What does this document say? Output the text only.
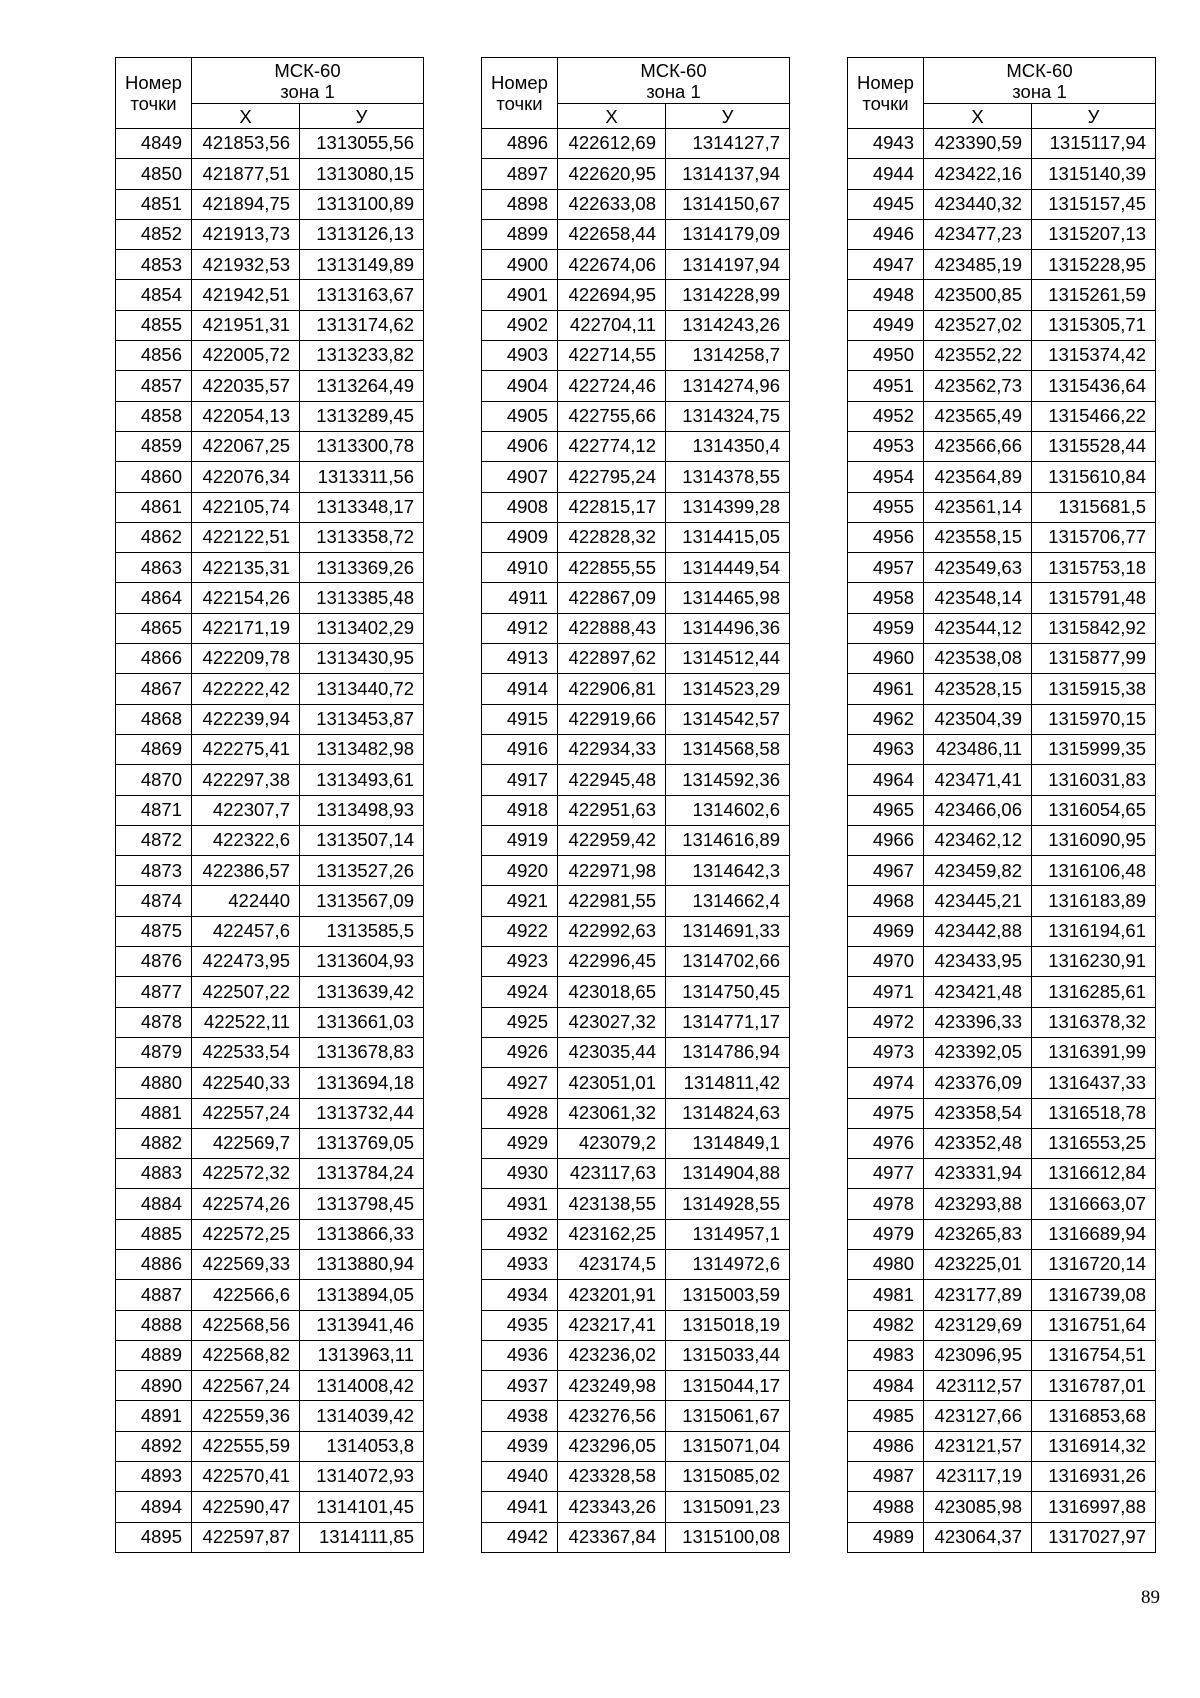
Номер
точки	МСК-60
зона 1	
	Х	У
4849	421853,56	1313055,56
4850	421877,51	1313080,15
4851	421894,75	1313100,89
4852	421913,73	1313126,13
4853	421932,53	1313149,89
4854	421942,51	1313163,67
4855	421951,31	1313174,62
4856	422005,72	1313233,82
4857	422035,57	1313264,49
4858	422054,13	1313289,45
4859	422067,25	1313300,78
4860	422076,34	1313311,56
4861	422105,74	1313348,17
4862	422122,51	1313358,72
4863	422135,31	1313369,26
4864	422154,26	1313385,48
4865	422171,19	1313402,29
4866	422209,78	1313430,95
4867	422222,42	1313440,72
4868	422239,94	1313453,87
4869	422275,41	1313482,98
4870	422297,38	1313493,61
4871	422307,7	1313498,93
4872	422322,6	1313507,14
4873	422386,57	1313527,26
4874	422440	1313567,09
4875	422457,6	1313585,5
4876	422473,95	1313604,93
4877	422507,22	1313639,42
4878	422522,11	1313661,03
4879	422533,54	1313678,83
4880	422540,33	1313694,18
4881	422557,24	1313732,44
4882	422569,7	1313769,05
4883	422572,32	1313784,24
4884	422574,26	1313798,45
4885	422572,25	1313866,33
4886	422569,33	1313880,94
4887	422566,6	1313894,05
4888	422568,56	1313941,46
4889	422568,82	1313963,11
4890	422567,24	1314008,42
4891	422559,36	1314039,42
4892	422555,59	1314053,8
4893	422570,41	1314072,93
4894	422590,47	1314101,45
4895	422597,87	1314111,85
Номер
точки	МСК-60
зона 1	
	Х	У
4896	422612,69	1314127,7
4897	422620,95	1314137,94
4898	422633,08	1314150,67
4899	422658,44	1314179,09
4900	422674,06	1314197,94
4901	422694,95	1314228,99
4902	422704,11	1314243,26
4903	422714,55	1314258,7
4904	422724,46	1314274,96
4905	422755,66	1314324,75
4906	422774,12	1314350,4
4907	422795,24	1314378,55
4908	422815,17	1314399,28
4909	422828,32	1314415,05
4910	422855,55	1314449,54
4911	422867,09	1314465,98
4912	422888,43	1314496,36
4913	422897,62	1314512,44
4914	422906,81	1314523,29
4915	422919,66	1314542,57
4916	422934,33	1314568,58
4917	422945,48	1314592,36
4918	422951,63	1314602,6
4919	422959,42	1314616,89
4920	422971,98	1314642,3
4921	422981,55	1314662,4
4922	422992,63	1314691,33
4923	422996,45	1314702,66
4924	423018,65	1314750,45
4925	423027,32	1314771,17
4926	423035,44	1314786,94
4927	423051,01	1314811,42
4928	423061,32	1314824,63
4929	423079,2	1314849,1
4930	423117,63	1314904,88
4931	423138,55	1314928,55
4932	423162,25	1314957,1
4933	423174,5	1314972,6
4934	423201,91	1315003,59
4935	423217,41	1315018,19
4936	423236,02	1315033,44
4937	423249,98	1315044,17
4938	423276,56	1315061,67
4939	423296,05	1315071,04
4940	423328,58	1315085,02
4941	423343,26	1315091,23
4942	423367,84	1315100,08
Номер
точки	МСК-60
зона 1	
	Х	У
4943	423390,59	1315117,94
4944	423422,16	1315140,39
4945	423440,32	1315157,45
4946	423477,23	1315207,13
4947	423485,19	1315228,95
4948	423500,85	1315261,59
4949	423527,02	1315305,71
4950	423552,22	1315374,42
4951	423562,73	1315436,64
4952	423565,49	1315466,22
4953	423566,66	1315528,44
4954	423564,89	1315610,84
4955	423561,14	1315681,5
4956	423558,15	1315706,77
4957	423549,63	1315753,18
4958	423548,14	1315791,48
4959	423544,12	1315842,92
4960	423538,08	1315877,99
4961	423528,15	1315915,38
4962	423504,39	1315970,15
4963	423486,11	1315999,35
4964	423471,41	1316031,83
4965	423466,06	1316054,65
4966	423462,12	1316090,95
4967	423459,82	1316106,48
4968	423445,21	1316183,89
4969	423442,88	1316194,61
4970	423433,95	1316230,91
4971	423421,48	1316285,61
4972	423396,33	1316378,32
4973	423392,05	1316391,99
4974	423376,09	1316437,33
4975	423358,54	1316518,78
4976	423352,48	1316553,25
4977	423331,94	1316612,84
4978	423293,88	1316663,07
4979	423265,83	1316689,94
4980	423225,01	1316720,14
4981	423177,89	1316739,08
4982	423129,69	1316751,64
4983	423096,95	1316754,51
4984	423112,57	1316787,01
4985	423127,66	1316853,68
4986	423121,57	1316914,32
4987	423117,19	1316931,26
4988	423085,98	1316997,88
4989	423064,37	1317027,97
89
